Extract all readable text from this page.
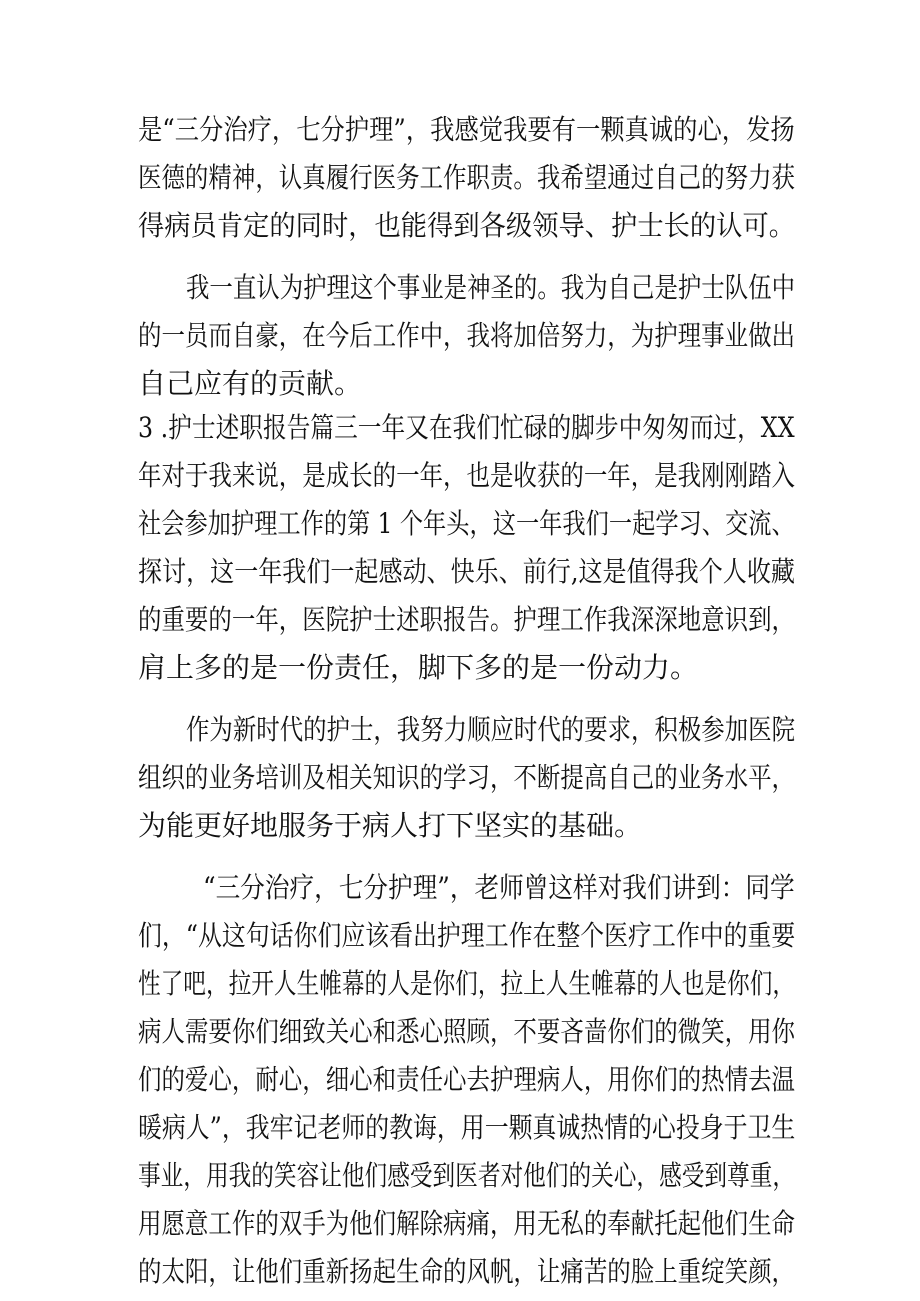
是“三分治疗，七分护理”，我感觉我要有一颗真诚的心，发扬
医德的精神，认真履行医务工作职责。我希望通过自己的努力获
得病员肯定的同时，也能得到各级领导、护士长的认可。
我一直认为护理这个事业是神圣的。我为自己是护士队伍中
的一员而自豪，在今后工作中，我将加倍努力，为护理事业做出
自己应有的贡献。
3 .护士述职报告篇三一年又在我们忙碌的脚步中匆匆而过，XX
年对于我来说，是成长的一年，也是收获的一年，是我刚刚踏入
社会参加护理工作的第 1 个年头，这一年我们一起学习、交流、
探讨，这一年我们一起感动、快乐、前行,这是值得我个人收藏
的重要的一年，医院护士述职报告。护理工作我深深地意识到，
肩上多的是一份责任，脚下多的是一份动力。
作为新时代的护士，我努力顺应时代的要求，积极参加医院
组织的业务培训及相关知识的学习，不断提高自己的业务水平，
为能更好地服务于病人打下坚实的基础。
“三分治疗，七分护理”，老师曾这样对我们讲到：同学
们，“从这句话你们应该看出护理工作在整个医疗工作中的重要
性了吧，拉开人生帷幕的人是你们，拉上人生帷幕的人也是你们，
病人需要你们细致关心和悉心照顾，不要吝啬你们的微笑，用你
们的爱心，耐心，细心和责任心去护理病人，用你们的热情去温
暖病人”，我牢记老师的教诲，用一颗真诚热情的心投身于卫生
事业，用我的笑容让他们感受到医者对他们的关心，感受到尊重，
用愿意工作的双手为他们解除病痛，用无私的奉献托起他们生命
的太阳，让他们重新扬起生命的风帆，让痛苦的脸上重绽笑颜，
